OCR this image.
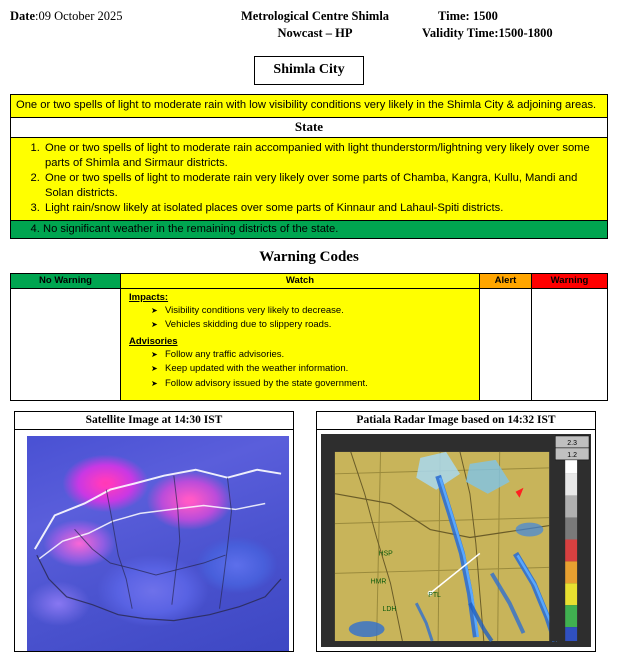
Date:09 October 2025	Metrological Centre Shimla	Time: 1500
Nowcast – HP	Validity Time:1500-1800
Shimla City
One or two spells of light to moderate rain with low visibility conditions very likely in the Shimla City & adjoining areas.
State

1. One or two spells of light to moderate rain accompanied with light thunderstorm/lightning very likely over some parts of Shimla and Sirmaur districts.
2. One or two spells of light to moderate rain very likely over some parts of Chamba, Kangra, Kullu, Mandi and Solan districts.
3. Light rain/snow likely at isolated places over some parts of Kinnaur and Lahaul-Spiti districts.

4. No significant weather in the remaining districts of the state.
Warning Codes
No Warning	Watch	Alert	Warning

Impacts:
➤ Visibility conditions very likely to decrease.
➤ Vehicles skidding due to slippery roads.
Advisories
➤ Follow any traffic advisories.
➤ Keep updated with the weather information.
➤ Follow advisory issued by the state government.

Satellite Image at 14:30 IST	Patiala Radar Image based on 14:32 IST
2.3
1.2
HSP
HMR
LDH
PTL
